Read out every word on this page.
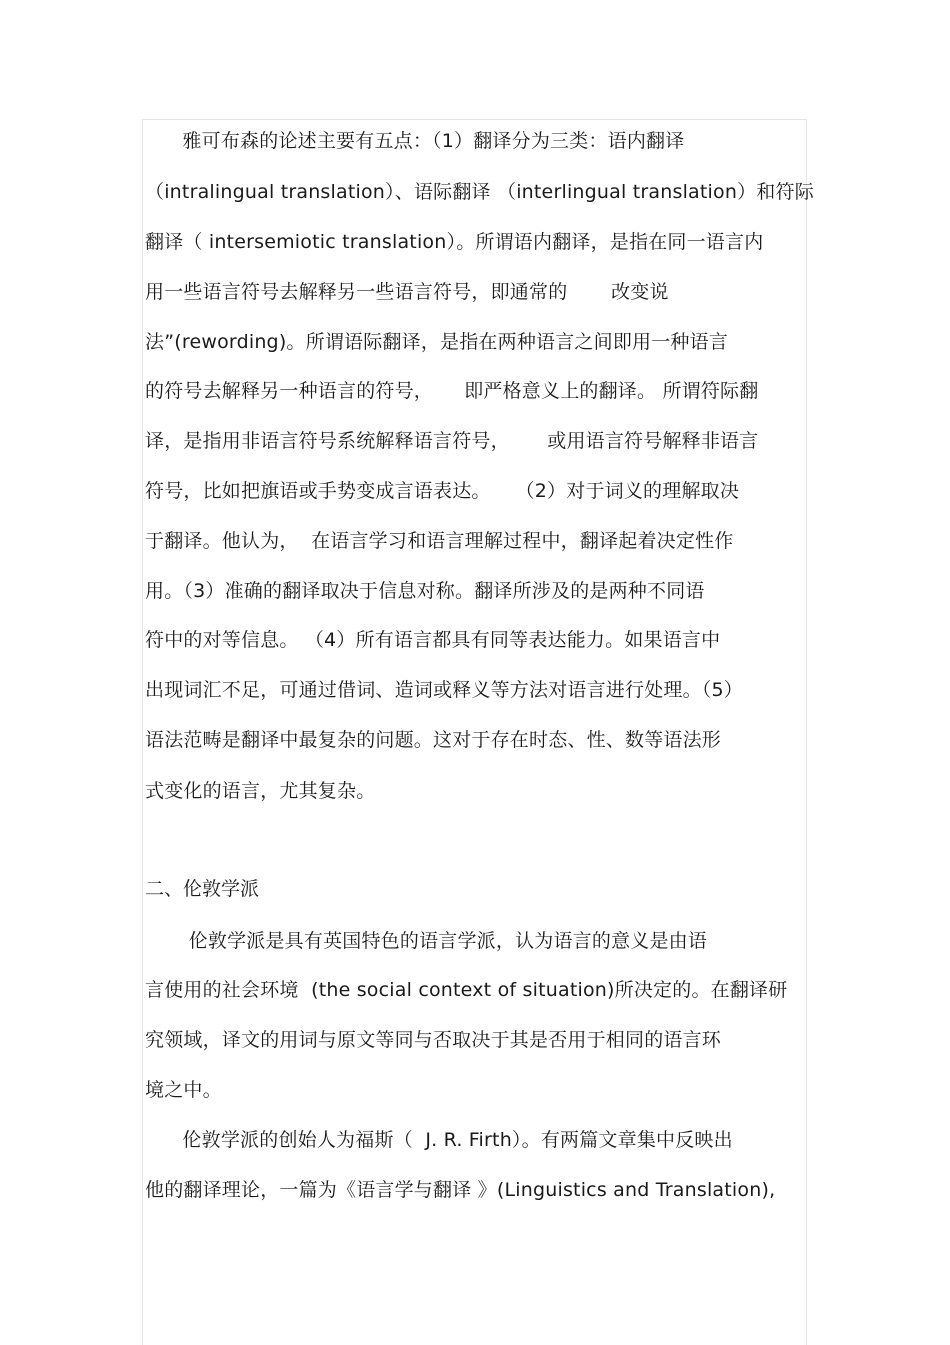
雅可布森的论述主要有五点：（1）翻译分为三类：语内翻译
（intralingual translation）、语际翻译 （interlingual translation）和符际
翻译（ intersemiotic translation）。所谓语内翻译，是指在同一语言内
用一些语言符号去解释另一些语言符号，即通常的       改变说
法”(rewording)。所谓语际翻译，是指在两种语言之间即用一种语言
的符号去解释另一种语言的符号，     即严格意义上的翻译。 所谓符际翻
译，是指用非语言符号系统解释语言符号，      或用语言符号解释非语言
符号，比如把旗语或手势变成言语表达。    （2）对于词义的理解取决
于翻译。他认为，  在语言学习和语言理解过程中，翻译起着决定性作
用。（3）准确的翻译取决于信息对称。翻译所涉及的是两种不同语
符中的对等信息。 （4）所有语言都具有同等表达能力。如果语言中
出现词汇不足，可通过借词、造词或释义等方法对语言进行处理。（5）
语法范畴是翻译中最复杂的问题。这对于存在时态、性、数等语法形
式变化的语言，尤其复杂。
二、伦敦学派
伦敦学派是具有英国特色的语言学派，认为语言的意义是由语
言使用的社会环境  (the social context of situation)所决定的。在翻译研
究领域，译文的用词与原文等同与否取决于其是否用于相同的语言环
境之中。
伦敦学派的创始人为福斯（  J. R. Firth）。有两篇文章集中反映出
他的翻译理论，一篇为《语言学与翻译 》(Linguistics and Translation),
